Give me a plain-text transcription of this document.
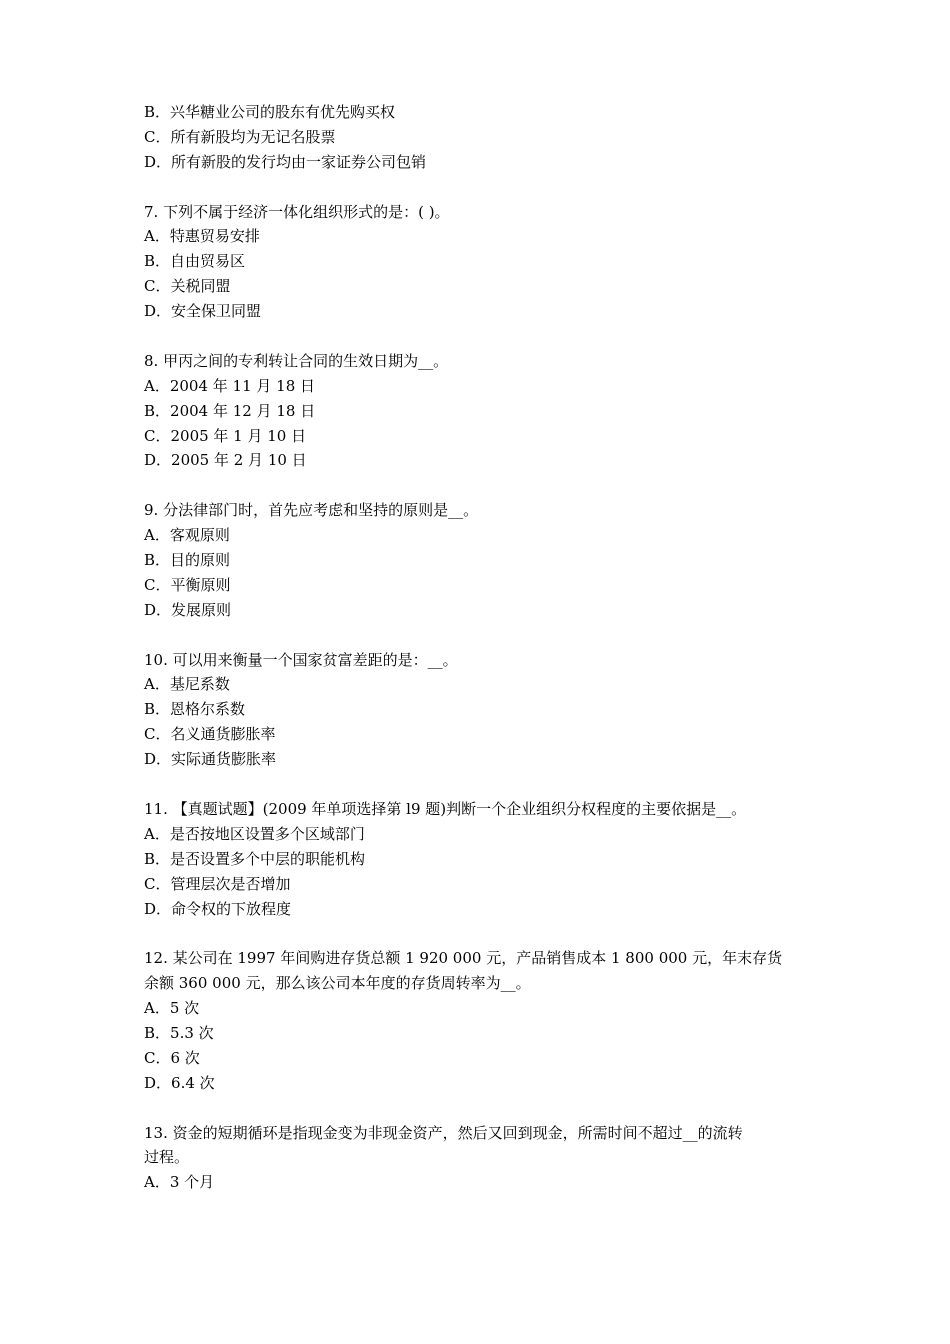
B．兴华糖业公司的股东有优先购买权
C．所有新股均为无记名股票
D．所有新股的发行均由一家证券公司包销
7. 下列不属于经济一体化组织形式的是：( )。
A．特惠贸易安排
B．自由贸易区
C．关税同盟
D．安全保卫同盟
8. 甲丙之间的专利转让合同的生效日期为__。
A．2004 年 11 月 18 日
B．2004 年 12 月 18 日
C．2005 年 1 月 10 日
D．2005 年 2 月 10 日
9. 分法律部门时，首先应考虑和坚持的原则是__。
A．客观原则
B．目的原则
C．平衡原则
D．发展原则
10. 可以用来衡量一个国家贫富差距的是：__。
A．基尼系数
B．恩格尔系数
C．名义通货膨胀率
D．实际通货膨胀率
11. 【真题试题】(2009 年单项选择第 l9 题)判断一个企业组织分权程度的主要依据是__。
A．是否按地区设置多个区域部门
B．是否设置多个中层的职能机构
C．管理层次是否增加
D．命令权的下放程度
12. 某公司在 1997 年间购进存货总额 1 920 000 元，产品销售成本 1 800 000 元，年末存货
余额 360 000 元，那么该公司本年度的存货周转率为__。
A．5 次
B．5.3 次
C．6 次
D．6.4 次
13. 资金的短期循环是指现金变为非现金资产，然后又回到现金，所需时间不超过__的流转
过程。
A．3 个月
